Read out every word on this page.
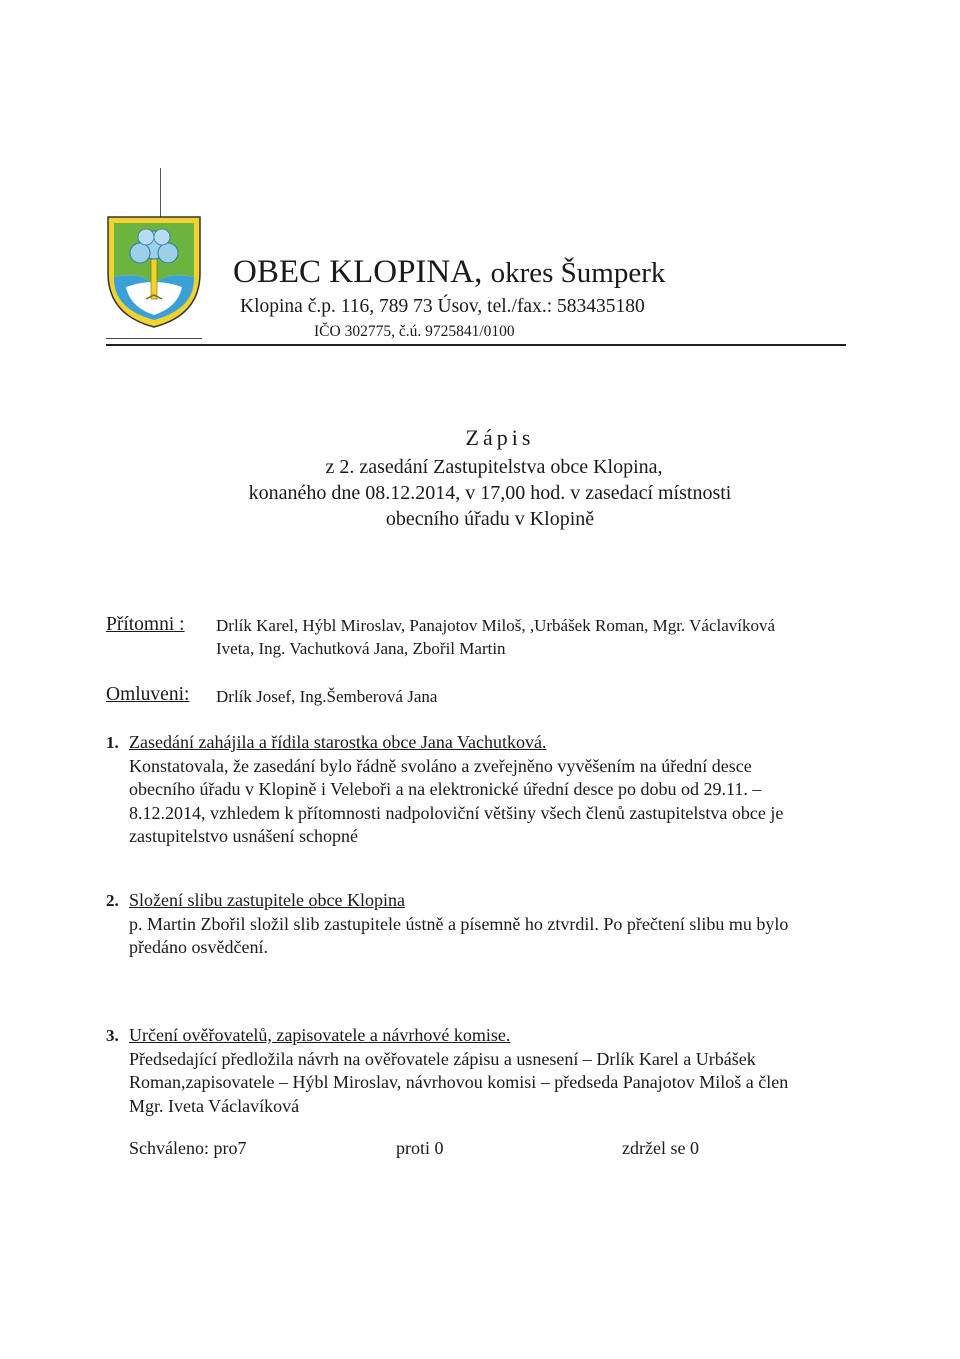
OBEC KLOPINA, okres Šumperk
Klopina č.p. 116, 789 73 Úsov, tel./fax.: 583435180
IČO 302775, č.ú. 9725841/0100
Zápis
z 2. zasedání Zastupitelstva obce Klopina,
konaného dne 08.12.2014, v 17,00 hod. v zasedací místnosti
obecního úřadu v Klopině
Přítomni : Drlík Karel, Hýbl Miroslav, Panajotov Miloš, ,Urbášek Roman, Mgr. Václavíková
Iveta, Ing. Vachutková Jana, Zbořil Martin
Omluveni: Drlík Josef, Ing.Šemberová Jana
1. Zasedání zahájila a řídila starostka obce Jana Vachutková.
Konstatovala, že zasedání bylo řádně svoláno a zveřejněno vyvěšením na úřední desce
obecního úřadu v Klopině i Veleboři a na elektronické úřední desce po dobu od 29.11. –
8.12.2014, vzhledem k přítomnosti nadpoloviční většiny všech členů zastupitelstva obce je
zastupitelstvo usnášení schopné
2. Složení slibu zastupitele obce Klopina
p. Martin Zbořil složil slib zastupitele ústně a písemně ho ztvrdil. Po přečtení slibu mu bylo
předáno osvědčení.
3. Určení ověřovatelů, zapisovatele a návrhové komise.
Předsedající předložila návrh na ověřovatele zápisu a usnesení – Drlík Karel a Urbášek
Roman,zapisovatele – Hýbl Miroslav, návrhovou komisi – předseda Panajotov Miloš a člen
Mgr. Iveta Václavíková
Schváleno: pro7	proti 0	zdržel se 0
